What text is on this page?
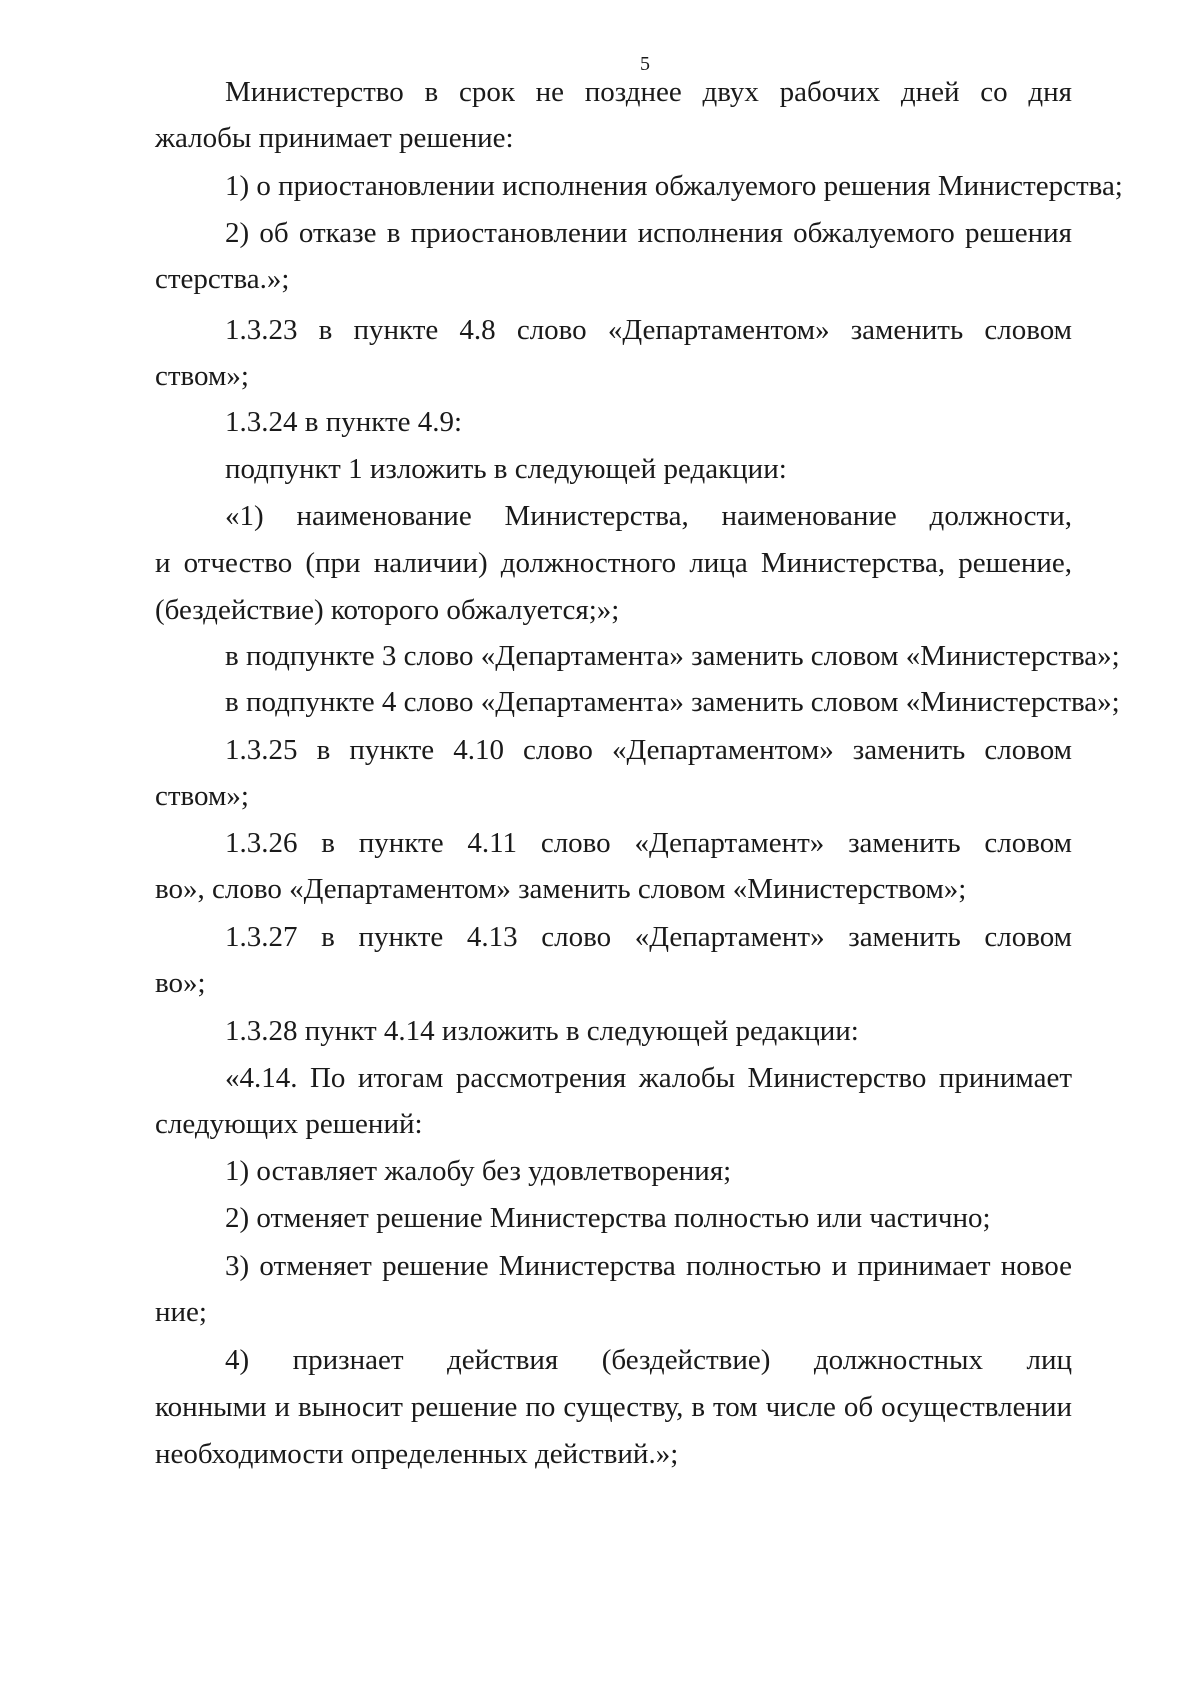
5
Министерство в срок не позднее двух рабочих дней со дня
жалобы принимает решение:
1) о приостановлении исполнения обжалуемого решения Министерства;
2) об отказе в приостановлении исполнения обжалуемого решения
стерства.»;
1.3.23 в пункте 4.8 слово «Департаментом» заменить словом
ством»;
1.3.24 в пункте 4.9:
подпункт 1 изложить в следующей редакции:
«1) наименование Министерства, наименование должности,
и отчество (при наличии) должностного лица Министерства, решение,
(бездействие) которого обжалуется;»;
в подпункте 3 слово «Департамента» заменить словом «Министерства»;
в подпункте 4 слово «Департамента» заменить словом «Министерства»;
1.3.25 в пункте 4.10 слово «Департаментом» заменить словом
ством»;
1.3.26 в пункте 4.11 слово «Департамент» заменить словом
во», слово «Департаментом» заменить словом «Министерством»;
1.3.27 в пункте 4.13 слово «Департамент» заменить словом
во»;
1.3.28 пункт 4.14 изложить в следующей редакции:
«4.14. По итогам рассмотрения жалобы Министерство принимает
следующих решений:
1) оставляет жалобу без удовлетворения;
2) отменяет решение Министерства полностью или частично;
3) отменяет решение Министерства полностью и принимает новое
ние;
4) признает действия (бездействие) должностных лиц
конными и выносит решение по существу, в том числе об осуществлении
необходимости определенных действий.»;
